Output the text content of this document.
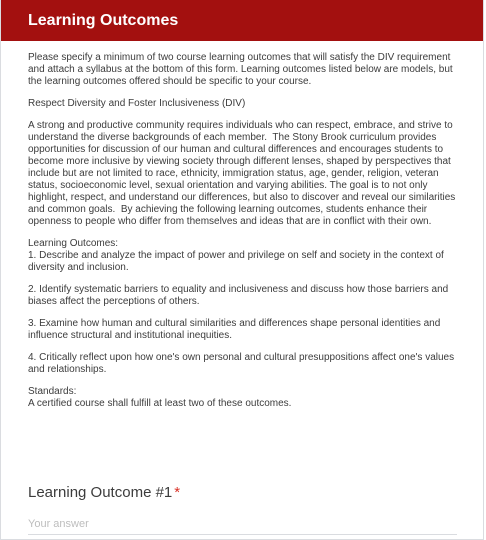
Learning Outcomes

Please specify a minimum of two course learning outcomes that will satisfy the DIV requirement and attach a syllabus at the bottom of this form. Learning outcomes listed below are models, but the learning outcomes offered should be specific to your course.

Respect Diversity and Foster Inclusiveness (DIV)

A strong and productive community requires individuals who can respect, embrace, and strive to understand the diverse backgrounds of each member.  The Stony Brook curriculum provides opportunities for discussion of our human and cultural differences and encourages students to become more inclusive by viewing society through different lenses, shaped by perspectives that include but are not limited to race, ethnicity, immigration status, age, gender, religion, veteran status, socioeconomic level, sexual orientation and varying abilities. The goal is to not only highlight, respect, and understand our differences, but also to discover and reveal our similarities and common goals.  By achieving the following learning outcomes, students enhance their openness to people who differ from themselves and ideas that are in conflict with their own.

Learning Outcomes:

1. Describe and analyze the impact of power and privilege on self and society in the context of diversity and inclusion.

2. Identify systematic barriers to equality and inclusiveness and discuss how those barriers and biases affect the perceptions of others.

3. Examine how human and cultural similarities and differences shape personal identities and influence structural and institutional inequities.

4. Critically reflect upon how one's own personal and cultural presuppositions affect one's values and relationships.

Standards:

A certified course shall fulfill at least two of these outcomes.

Learning Outcome #1 *
Your answer
